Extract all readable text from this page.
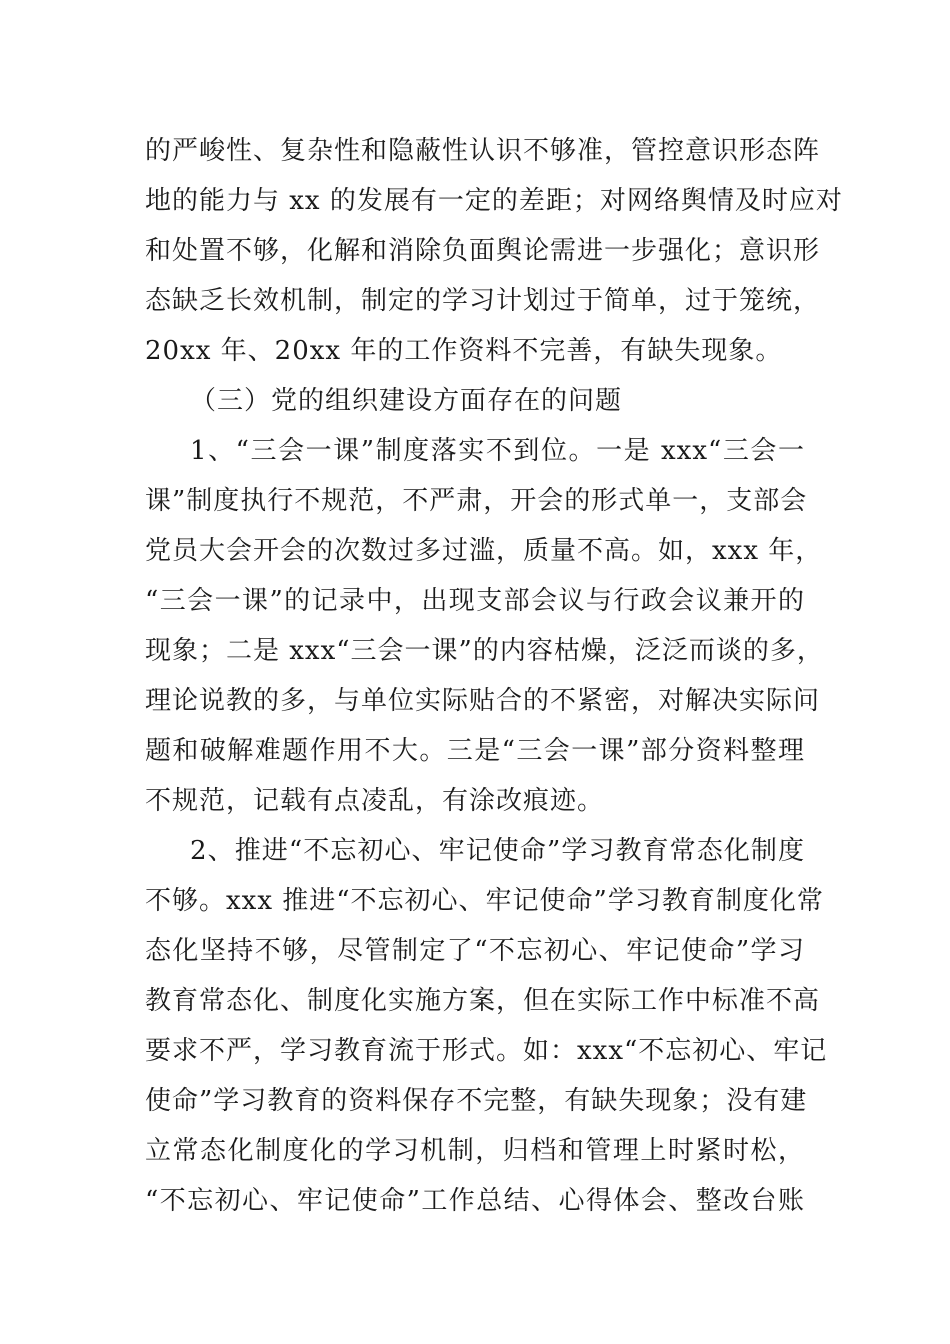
的严峻性、复杂性和隐蔽性认识不够准，管控意识形态阵
地的能力与 xx 的发展有一定的差距；对网络舆情及时应对
和处置不够，化解和消除负面舆论需进一步强化；意识形
态缺乏长效机制，制定的学习计划过于简单，过于笼统，
20xx 年、20xx 年的工作资料不完善，有缺失现象。
（三）党的组织建设方面存在的问题
1、“三会一课”制度落实不到位。一是 xxx“三会一
课”制度执行不规范，不严肃，开会的形式单一，支部会
党员大会开会的次数过多过滥，质量不高。如，xxx 年，
“三会一课”的记录中，出现支部会议与行政会议兼开的
现象；二是 xxx“三会一课”的内容枯燥，泛泛而谈的多，
理论说教的多，与单位实际贴合的不紧密，对解决实际问
题和破解难题作用不大。三是“三会一课”部分资料整理
不规范，记载有点凌乱，有涂改痕迹。
2、推进“不忘初心、牢记使命”学习教育常态化制度
不够。xxx 推进“不忘初心、牢记使命”学习教育制度化常
态化坚持不够，尽管制定了“不忘初心、牢记使命”学习
教育常态化、制度化实施方案，但在实际工作中标准不高
要求不严，学习教育流于形式。如：xxx“不忘初心、牢记
使命”学习教育的资料保存不完整，有缺失现象；没有建
立常态化制度化的学习机制，归档和管理上时紧时松，
“不忘初心、牢记使命”工作总结、心得体会、整改台账
